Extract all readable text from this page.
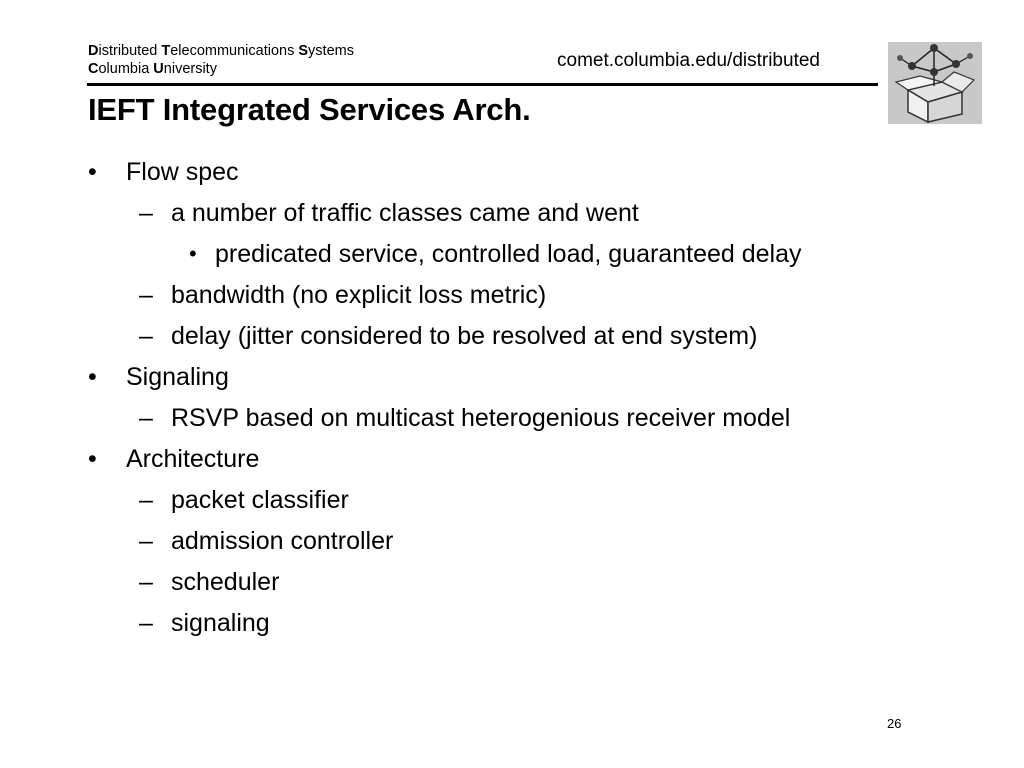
Distributed Telecommunications Systems
Columbia University	comet.columbia.edu/distributed
IEFT Integrated Services Arch.
• Flow spec
– a number of traffic classes came and went
• predicated service, controlled load, guaranteed delay
– bandwidth (no explicit loss metric)
– delay (jitter considered to be resolved at end system)
• Signaling
– RSVP based on multicast heterogenious receiver model
• Architecture
– packet classifier
– admission controller
– scheduler
– signaling
26
